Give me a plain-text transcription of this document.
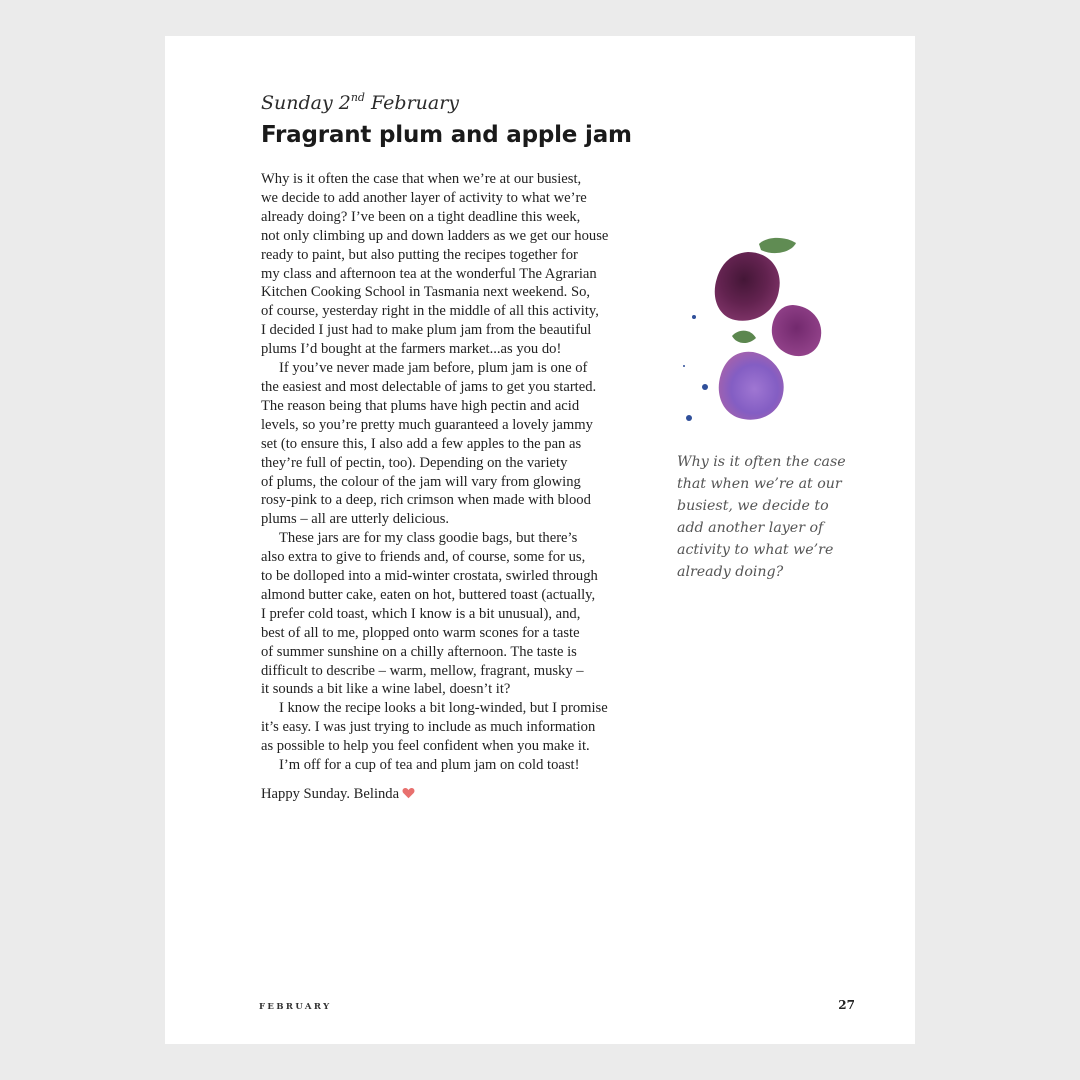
Sunday 2nd February
Fragrant plum and apple jam
Why is it often the case that when we’re at our busiest,
we decide to add another layer of activity to what we’re
already doing? I’ve been on a tight deadline this week,
not only climbing up and down ladders as we get our house
ready to paint, but also putting the recipes together for
my class and afternoon tea at the wonderful The Agrarian
Kitchen Cooking School in Tasmania next weekend. So,
of course, yesterday right in the middle of all this activity,
I decided I just had to make plum jam from the beautiful
plums I’d bought at the farmers market...as you do!
If you’ve never made jam before, plum jam is one of
the easiest and most delectable of jams to get you started.
The reason being that plums have high pectin and acid
levels, so you’re pretty much guaranteed a lovely jammy
set (to ensure this, I also add a few apples to the pan as
they’re full of pectin, too). Depending on the variety
of plums, the colour of the jam will vary from glowing
rosy-pink to a deep, rich crimson when made with blood
plums – all are utterly delicious.
These jars are for my class goodie bags, but there’s
also extra to give to friends and, of course, some for us,
to be dolloped into a mid-winter crostata, swirled through
almond butter cake, eaten on hot, buttered toast (actually,
I prefer cold toast, which I know is a bit unusual), and,
best of all to me, plopped onto warm scones for a taste
of summer sunshine on a chilly afternoon. The taste is
difficult to describe – warm, mellow, fragrant, musky –
it sounds a bit like a wine label, doesn’t it?
I know the recipe looks a bit long-winded, but I promise
it’s easy. I was just trying to include as much information
as possible to help you feel confident when you make it.
I’m off for a cup of tea and plum jam on cold toast!
Happy Sunday. Belinda
Why is it often the case
that when we’re at our
busiest, we decide to
add another layer of
activity to what we’re
already doing?
FEBRUARY	27
